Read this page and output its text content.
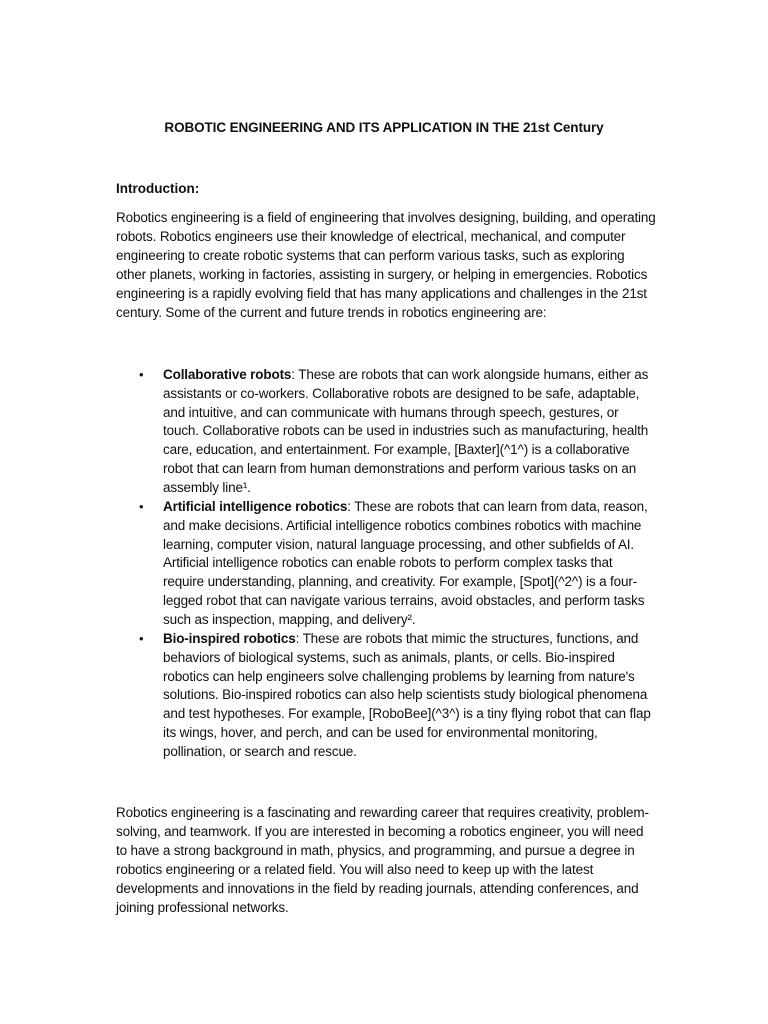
ROBOTIC ENGINEERING AND ITS APPLICATION IN THE 21st Century

Introduction:

Robotics engineering is a field of engineering that involves designing, building, and operating robots. Robotics engineers use their knowledge of electrical, mechanical, and computer engineering to create robotic systems that can perform various tasks, such as exploring other planets, working in factories, assisting in surgery, or helping in emergencies. Robotics engineering is a rapidly evolving field that has many applications and challenges in the 21st century. Some of the current and future trends in robotics engineering are:

• Collaborative robots: These are robots that can work alongside humans, either as assistants or co-workers. Collaborative robots are designed to be safe, adaptable, and intuitive, and can communicate with humans through speech, gestures, or touch. Collaborative robots can be used in industries such as manufacturing, health care, education, and entertainment. For example, [Baxter](^1^) is a collaborative robot that can learn from human demonstrations and perform various tasks on an assembly line¹.
• Artificial intelligence robotics: These are robots that can learn from data, reason, and make decisions. Artificial intelligence robotics combines robotics with machine learning, computer vision, natural language processing, and other subfields of AI. Artificial intelligence robotics can enable robots to perform complex tasks that require understanding, planning, and creativity. For example, [Spot](^2^) is a four-legged robot that can navigate various terrains, avoid obstacles, and perform tasks such as inspection, mapping, and delivery².
• Bio-inspired robotics: These are robots that mimic the structures, functions, and behaviors of biological systems, such as animals, plants, or cells. Bio-inspired robotics can help engineers solve challenging problems by learning from nature's solutions. Bio-inspired robotics can also help scientists study biological phenomena and test hypotheses. For example, [RoboBee](^3^) is a tiny flying robot that can flap its wings, hover, and perch, and can be used for environmental monitoring, pollination, or search and rescue.

Robotics engineering is a fascinating and rewarding career that requires creativity, problem-solving, and teamwork. If you are interested in becoming a robotics engineer, you will need to have a strong background in math, physics, and programming, and pursue a degree in robotics engineering or a related field. You will also need to keep up with the latest developments and innovations in the field by reading journals, attending conferences, and joining professional networks.
